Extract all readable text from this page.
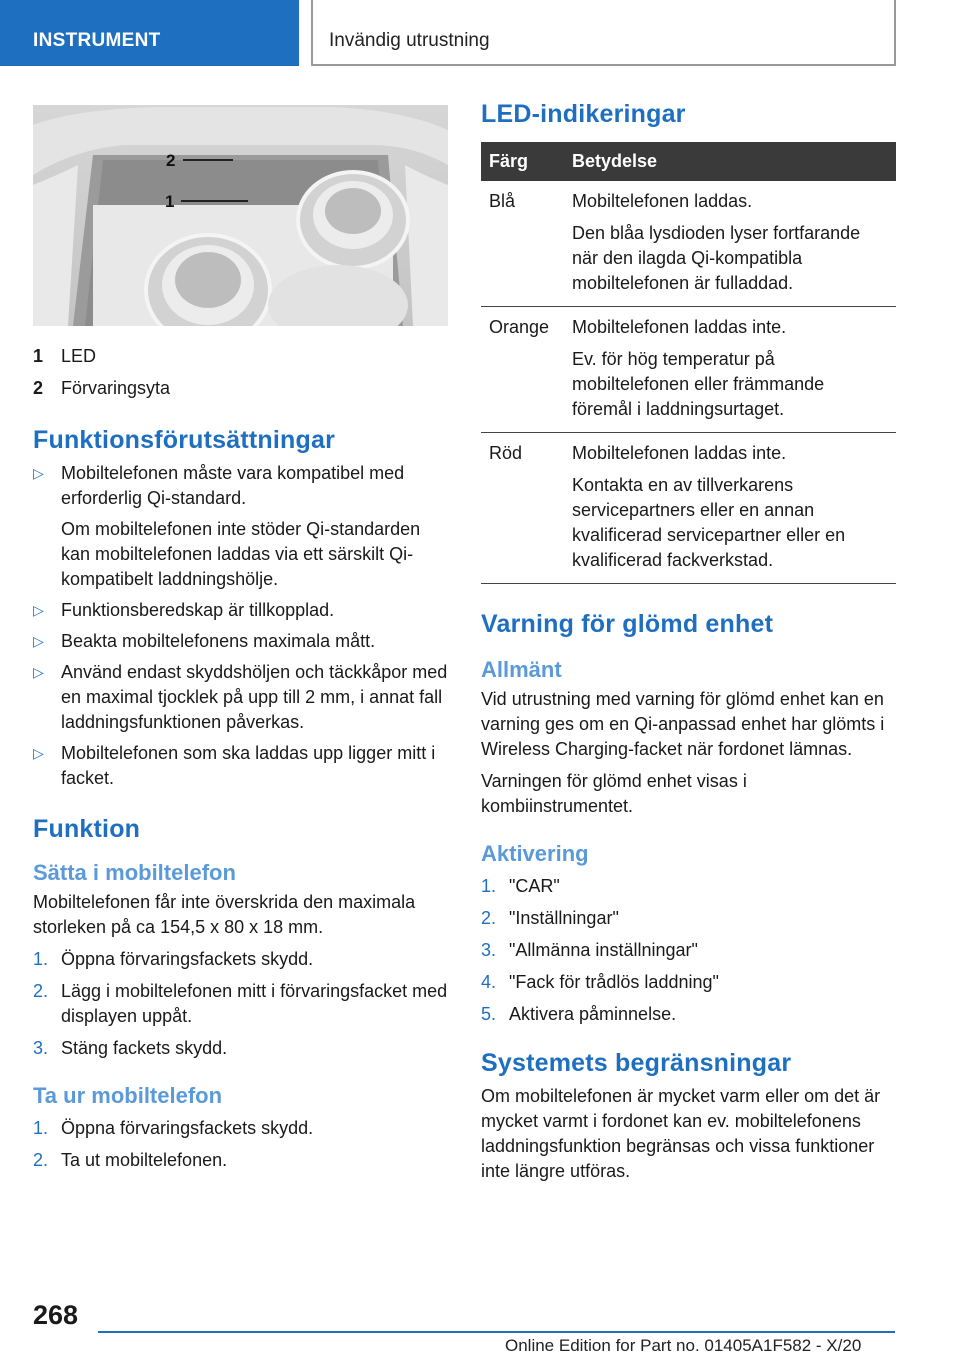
INSTRUMENT	Invändig utrustning
2
1
1 LED
2 Förvaringsyta
Funktionsförutsättningar
▷ Mobiltelefonen måste vara kompatibel med erforderlig Qi-standard.

Om mobiltelefonen inte stöder Qi-standarden kan mobiltelefonen laddas via ett särskilt Qi-kompatibelt laddningshölje.

▷ Funktionsberedskap är tillkopplad.
▷ Beakta mobiltelefonens maximala mått.
▷ Använd endast skyddshöljen och täckkåpor med en maximal tjocklek på upp till 2 mm, i annat fall laddningsfunktionen påverkas.
▷ Mobiltelefonen som ska laddas upp ligger mitt i facket.
Funktion
Sätta i mobiltelefon

Mobiltelefonen får inte överskrida den maximala storleken på ca 154,5 x 80 x 18 mm.

1. Öppna förvaringsfackets skydd.
2. Lägg i mobiltelefonen mitt i förvaringsfacket med displayen uppåt.
3. Stäng fackets skydd.
Ta ur mobiltelefon
1. Öppna förvaringsfackets skydd.
2. Ta ut mobiltelefonen.
LED-indikeringar
Färg	Betydelse
Blå	Mobiltelefonen laddas.

Den blåa lysdioden lyser fortfarande när den ilagda Qi-kompatibla mobiltelefonen är fulladdad.

Orange	Mobiltelefonen laddas inte.

Ev. för hög temperatur på mobiltelefonen eller främmande föremål i laddningsurtaget.

Röd	Mobiltelefonen laddas inte.

Kontakta en av tillverkarens servicepartners eller en annan kvalificerad servicepartner eller en kvalificerad fackverkstad.

Varning för glömd enhet
Allmänt

Vid utrustning med varning för glömd enhet kan en varning ges om en Qi-anpassad enhet har glömts i Wireless Charging-facket när fordonet lämnas.

Varningen för glömd enhet visas i kombiinstrumentet.

Aktivering
1. "CAR"
2. "Inställningar"
3. "Allmänna inställningar"
4. "Fack för trådlös laddning"
5. Aktivera påminnelse.
Systemets begränsningar

Om mobiltelefonen är mycket varm eller om det är mycket varmt i fordonet kan ev. mobiltelefonens laddningsfunktion begränsas och vissa funktioner inte längre utföras.

268
Online Edition for Part no. 01405A1F582 - X/20
